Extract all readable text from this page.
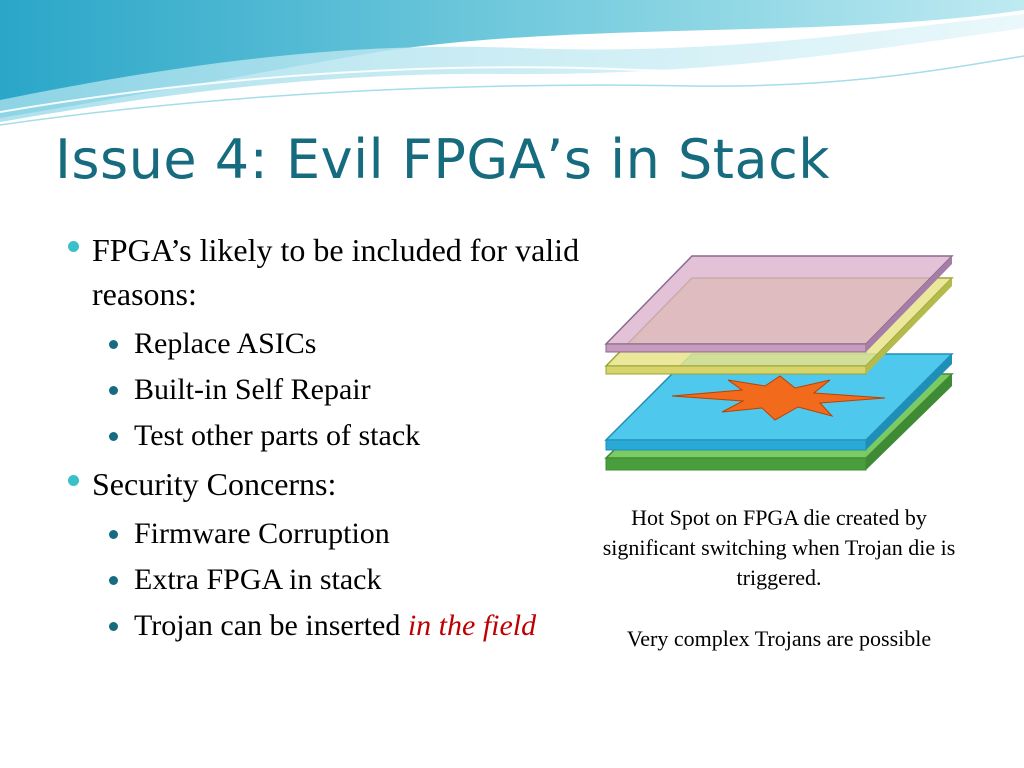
Issue 4: Evil FPGA’s in Stack
FPGA’s likely to be included for valid reasons:
Replace ASICs
Built-in Self Repair
Test other parts of stack
Security Concerns:
Firmware Corruption
Extra FPGA in stack
Trojan can be inserted in the field

Hot Spot on FPGA die created by significant switching when Trojan die is triggered.

Very complex Trojans are possible
